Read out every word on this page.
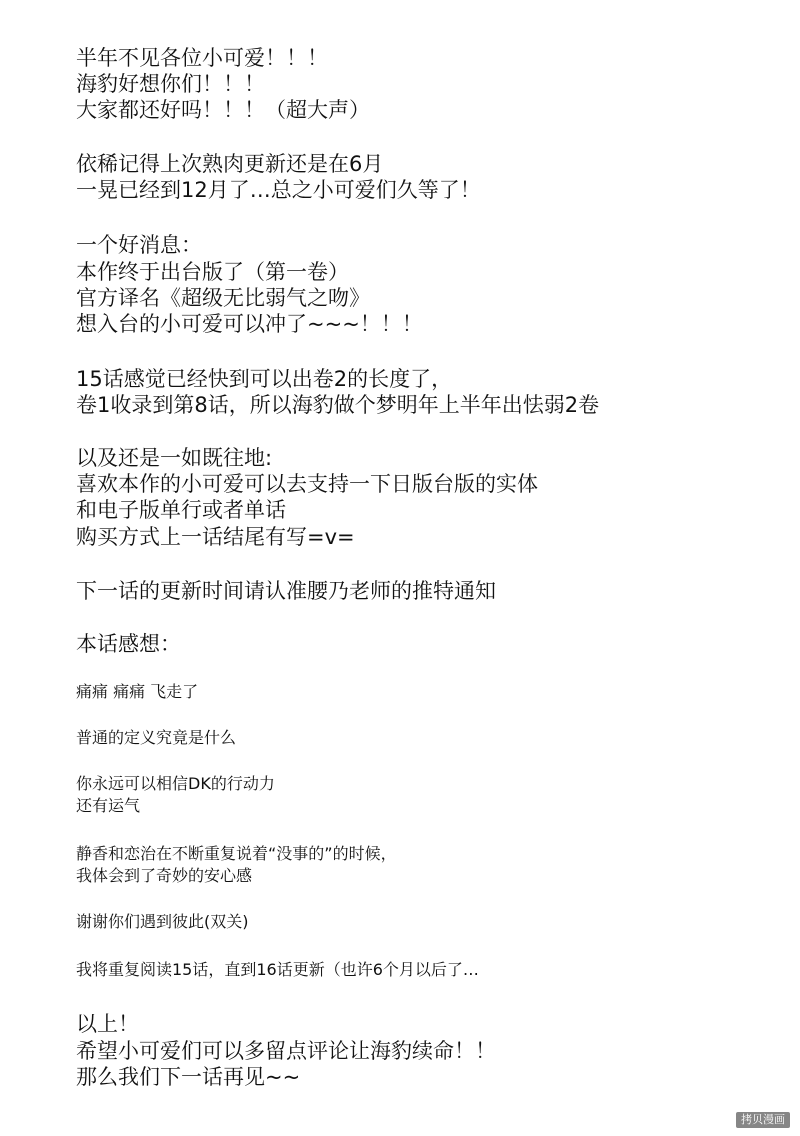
半年不见各位小可爱！！！
海豹好想你们！！！
大家都还好吗！！！（超大声）
依稀记得上次熟肉更新还是在6月
一晃已经到12月了…总之小可爱们久等了！
一个好消息：
本作终于出台版了（第一卷）
官方译名《超级无比弱气之吻》
想入台的小可爱可以冲了~~~！！！
15话感觉已经快到可以出卷2的长度了，
卷1收录到第8话，所以海豹做个梦明年上半年出怯弱2卷
以及还是一如既往地:
喜欢本作的小可爱可以去支持一下日版台版的实体
和电子版单行或者单话
购买方式上一话结尾有写=v=
下一话的更新时间请认准腰乃老师的推特通知
本话感想：
痛痛 痛痛 飞走了
普通的定义究竟是什么
你永远可以相信DK的行动力
还有运气
静香和恋治在不断重复说着“没事的”的时候，
我体会到了奇妙的安心感
谢谢你们遇到彼此(双关)
我将重复阅读15话，直到16话更新（也许6个月以后了…
以上！
希望小可爱们可以多留点评论让海豹续命！！
那么我们下一话再见~~
拷贝漫画
